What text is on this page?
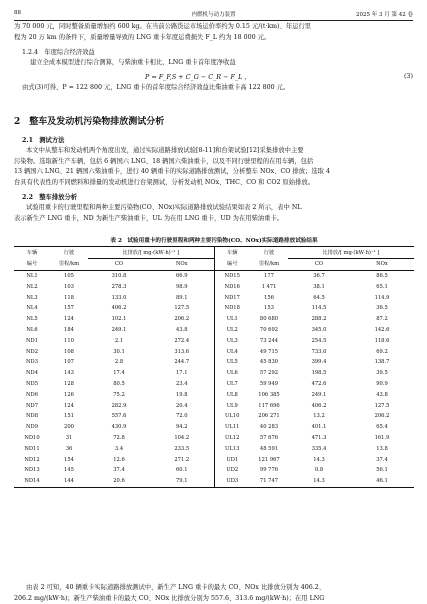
88	内燃机与动力装置	2025 年 3 月 第 42 卷
为 70 000 元，同时整备质量增加约 600 kg。在当前公路货运市场运价率约为 0.15 元/(t·km)、年运行里
程为 20 万 km 的条件下，质量增量导致的 LNG 重卡年度运费损失 F_L 约为 18 000 元。
1.2.4　年度综合经济效益
建立全成本模型进行综合测算，与柴油重卡相比，LNG 重卡首年度净收益
P = F_F,S + C_G − C_R − F_L ，	(3)
由式(3)可得，P = 122 800 元，LNG 重卡的首年度综合经济效益比柴油重卡高 122 800 元。
2　整车及发动机污染物排放测试分析
2.1　测试方法
本文中从整车和发动机两个角度出发，通过实际道路排放试验[8-11]和台架试验[12]采集排放中主要
污染物。选取新生产车辆，包括 6 辆国六 LNG、18 辆国六柴油重卡，以及不同行驶里程的在用车辆，包括
13 辆国六 LNG、21 辆国六柴油重卡，进行 40 辆重卡的实际道路排放测试，分析整车 NOx、CO 排放；选取 4
台具有代表性的不同燃料和排量的发动机进行台架测试，分析发动机 NOx、THC、CO 和 CO2 原始排放。
2.2　整车排放分析
试验用重卡的行驶里程和两种主要污染物(CO、NOx)实际道路排放试验结果如表 2 所示，表中 NL
表示新生产 LNG 重卡，ND 为新生产柴油重卡，UL 为在用 LNG 重卡，UD 为在用柴油重卡。
表 2　试验用重卡的行驶里程和两种主要污染物(CO、NOx)实际道路排放试验结果
车辆	行驶	比排放/[ mg·(kW·h)⁻¹ ]		车辆	行驶	比排放/[ mg·(kW·h)⁻¹ ]	
编号	里程/km	CO	NOx	编号	里程/km	CO	NOx
NL1	105	310.8	66.9	ND15	177	36.7	86.5
NL2	103	278.3	98.9	ND16	1 471	38.1	65.1
NL3	118	133.0	89.1	ND17	156	64.5	114.9
NL4	157	406.2	127.5	ND18	153	114.5	36.5
NL5	124	102.1	206.2	UL1	80 680	288.2	87.2
NL6	184	249.1	43.8	UL2	70 692	345.0	142.6
ND1	110	2.1	272.4	UL3	73 244	254.5	118.6
ND2	108	30.1	313.6	UL4	49 715	733.0	69.2
ND3	107	2.8	244.7	UL5	45 830	399.4	138.7
ND4	143	17.4	17.1	UL6	57 292	198.5	39.5
ND5	128	80.5	23.4	UL7	59 949	472.6	90.9
ND6	126	75.2	19.8	UL8	106 385	249.1	43.8
ND7	124	282.9	20.4	UL9	117 696	406.2	127.5
ND8	151	557.6	72.0	UL10	206 271	13.2	206.2
ND9	200	430.9	94.2	UL11	40 283	401.1	65.4
ND10	31	72.8	104.2	UL12	57 676	471.3	161.9
ND11	36	3.4	233.5	UL13	48 591	335.4	13.8
ND12	154	12.6	271.2	UD1	121 967	14.3	37.4
ND13	145	37.4	60.1	UD2	99 776	0.8	56.1
ND14	144	20.6	79.1	UD3	71 747	14.3	46.1
由表 2 可知，40 辆重卡实际道路排放测试中，新生产 LNG 重卡的最大 CO、NOx 比排放分别为 406.2、
206.2 mg/(kW·h)；新生产柴油重卡的最大 CO、NOx 比排放分别为 557.6、313.6 mg/(kW·h)；在用 LNG
